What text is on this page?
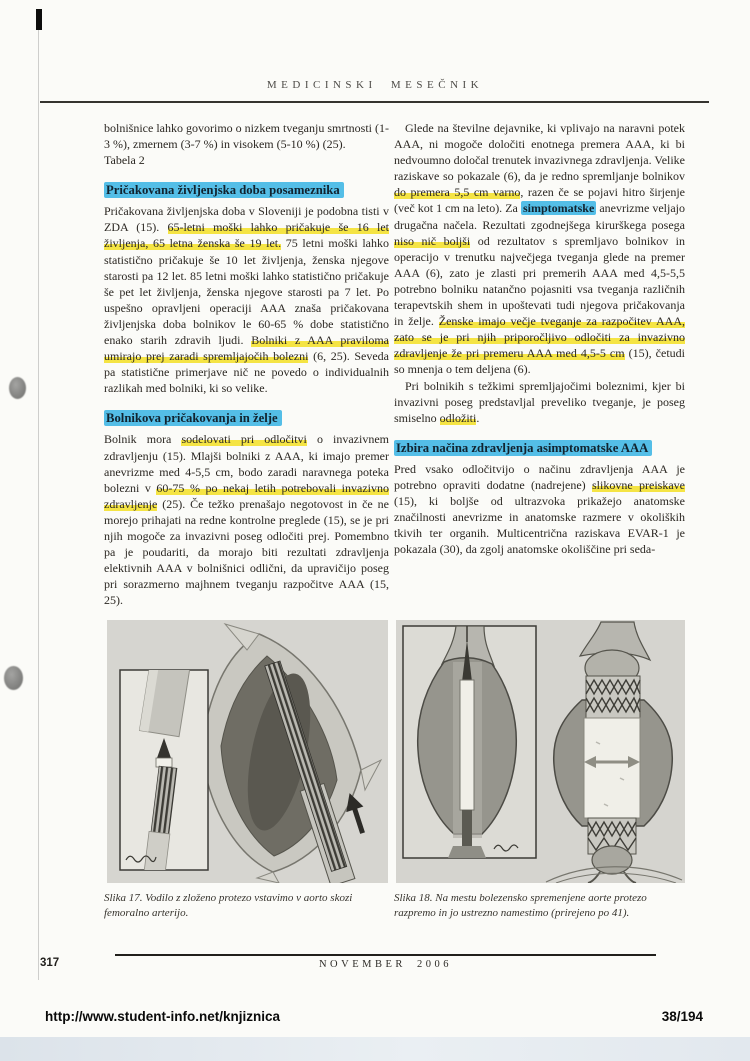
MEDICINSKI MESEČNIK

bolnišnice lahko govorimo o nizkem tveganju smrtnosti (1-3 %), zmernem (3-7 %) in visokem (5-10 %) (25).

Tabela 2

Pričakovana življenjska doba posameznika

Pričakovana življenjska doba v Sloveniji je podobna tisti v ZDA (15). 65-letni moški lahko pričakuje še 16 let življenja, 65 letna ženska še 19 let. 75 letni moški lahko statistično pričakuje še 10 let življenja, ženska njegove starosti pa 12 let. 85 letni moški lahko statistično pričakuje še pet let življenja, ženska njegove starosti pa 7 let. Po uspešno opravljeni operaciji AAA znaša pričakovana življenjska doba bolnikov le 60-65 % dobe statistično enako starih zdravih ljudi. Bolniki z AAA praviloma umirajo prej zaradi spremljajočih bolezni (6, 25). Seveda pa statistične primerjave nič ne povedo o individualnih razlikah med bolniki, ki so velike.

Bolnikova pričakovanja in želje

Bolnik mora sodelovati pri odločitvi o invazivnem zdravljenju (15). Mlajši bolniki z AAA, ki imajo premer anevrizme med 4-5,5 cm, bodo zaradi naravnega poteka bolezni v 60-75 % po nekaj letih potrebovali invazivno zdravljenje (25). Če težko prenašajo negotovost in če ne morejo prihajati na redne kontrolne preglede (15), se je pri njih mogoče za invazivni poseg odločiti prej. Pomembno pa je poudariti, da morajo biti rezultati zdravljenja elektivnih AAA v bolnišnici odlični, da upravičijo poseg pri sorazmerno majhnem tveganju razpočitve AAA (15, 25).

Glede na številne dejavnike, ki vplivajo na naravni potek AAA, ni mogoče določiti enotnega premera AAA, ki bi nedvoumno določal trenutek invazivnega zdravljenja. Velike raziskave so pokazale (6), da je redno spremljanje bolnikov do premera 5,5 cm varno, razen če se pojavi hitro širjenje (več kot 1 cm na leto). Za simptomatske anevrizme veljajo drugačna načela. Rezultati zgodnejšega kirurškega posega niso nič boljši od rezultatov s spremljavo bolnikov in operacijo v trenutku največjega tveganja glede na premer AAA (6), zato je zlasti pri premerih AAA med 4,5-5,5 potrebno bolniku natančno pojasniti vsa tveganja različnih terapevtskih shem in upoštevati tudi njegova pričakovanja in želje. Ženske imajo večje tveganje za razpočitev AAA, zato se je pri njih priporočljivo odločiti za invazivno zdravljenje že pri premeru AAA med 4,5-5 cm (15), četudi so mnenja o tem deljena (6).

Pri bolnikih s težkimi spremljajočimi boleznimi, kjer bi invazivni poseg predstavljal preveliko tveganje, je poseg smiselno odložiti.

Izbira načina zdravljenja asimptomatske AAA

Pred vsako odločitvijo o načinu zdravljenja AAA je potrebno opraviti dodatne (nadrejene) slikovne preiskave (15), ki boljše od ultrazvoka prikažejo anatomske značilnosti anevrizme in anatomske razmere v okoliških tkivih ter organih. Multicentrična raziskava EVAR-1 je pokazala (30), da zgolj anatomske okoliščine pri seda-

Slika 17. Vodilo z zloženo protezo vstavimo v aorto skozi femoralno arterijo.
Slika 18. Na mestu bolezensko spremenjene aorte protezo razpremo in jo ustrezno namestimo (prirejeno po 41).
317	NOVEMBER 2006
http://www.student-info.net/knjiznica	38/194
